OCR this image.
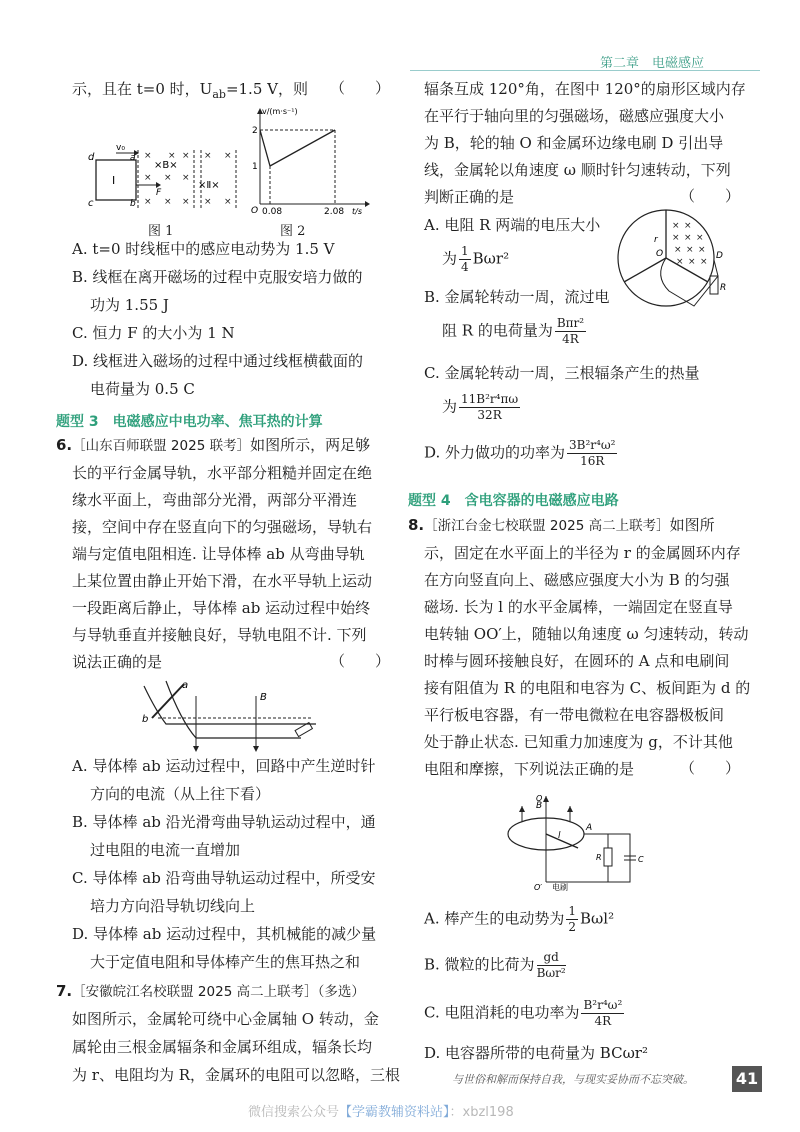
第二章　电磁感应
示，且在 t=0 时，$U_{ab}=1.5$ V，则	（　　）
v₀
d
c
a
b
I
×B×
×Ⅱ×
F
× × ×
× × ×
× × ×
× ×
× ×
图 1
v/(m·s⁻¹)
t/s
2
1
O 0.08	2.08
图 2
A. t=0 时线框中的感应电动势为 1.5 V
B. 线框在离开磁场的过程中克服安培力做的
功为 1.55 J
C. 恒力 F 的大小为 1 N
D. 线框进入磁场的过程中通过线框横截面的
电荷量为 0.5 C
题型 3　电磁感应中电功率、焦耳热的计算
6.［山东百师联盟 2025 联考］如图所示，两足够
长的平行金属导轨，水平部分粗糙并固定在绝
缘水平面上，弯曲部分光滑，两部分平滑连
接，空间中存在竖直向下的匀强磁场，导轨右
端与定值电阻相连. 让导体棒 ab 从弯曲导轨
上某位置由静止开始下滑，在水平导轨上运动
一段距离后静止，导体棒 ab 运动过程中始终
与导轨垂直并接触良好，导轨电阻不计. 下列
说法正确的是	（　　）
a
b
B
A. 导体棒 ab 运动过程中，回路中产生逆时针
方向的电流（从上往下看）
B. 导体棒 ab 沿光滑弯曲导轨运动过程中，通
过电阻的电流一直增加
C. 导体棒 ab 沿弯曲导轨运动过程中，所受安
培力方向沿导轨切线向上
D. 导体棒 ab 运动过程中，其机械能的减少量
大于定值电阻和导体棒产生的焦耳热之和
7.［安徽皖江名校联盟 2025 高二上联考］（多选）
如图所示，金属轮可绕中心金属轴 O 转动，金
属轮由三根金属辐条和金属环组成，辐条长均
为 r、电阻均为 R，金属环的电阻可以忽略，三根
辐条互成 120°角，在图中 120°的扇形区域内存
在平行于轴向里的匀强磁场，磁感应强度大小
为 B，轮的轴 O 和金属环边缘电刷 D 引出导
线，金属轮以角速度 ω 顺时针匀速转动，下列
判断正确的是	（　　）
× ×
× × ×
× × ×
× × ×
O
r
D
R
A. 电阻 R 两端的电压大小
为 $\frac{1}{4} B\omega r^2$
B. 金属轮转动一周，流过电
阻 R 的电荷量为 $\frac{\text{Bπr²}}{4R}$
C. 金属轮转动一周，三根辐条产生的热量
为 $\frac{\text{11B²r⁴πω}}{32R}$
D. 外力做功的功率为 $\frac{\text{3B²r⁴ω²}}{16R}$
题型 4　含电容器的电磁感应电路
8.［浙江台金七校联盟 2025 高二上联考］如图所
示，固定在水平面上的半径为 r 的金属圆环内存
在方向竖直向上、磁感应强度大小为 B 的匀强
磁场. 长为 l 的水平金属棒，一端固定在竖直导
电转轴 OO′上，随轴以角速度 ω 匀速转动，转动
时棒与圆环接触良好，在圆环的 A 点和电刷间
接有阻值为 R 的电阻和电容为 C、板间距为 d 的
平行板电容器，有一带电微粒在电容器极板间
处于静止状态. 已知重力加速度为 g，不计其他
电阻和摩擦，下列说法正确的是	（　　）
B
O
O′
l
A
R	C
电刷
A. 棒产生的电动势为 $\frac{1}{2} B\omega l^2$
B. 微粒的比荷为 $\frac{gd}{\text{Bωr²}}$
C. 电阻消耗的电功率为 $\frac{\text{B²r⁴ω²}}{4R}$
D. 电容器所带的电荷量为 BCωr²
与世俗和解而保持自我，与现实妥协而不忘突破。	41
微信搜索公众号【学霸教辅资料站】：xbzl198
